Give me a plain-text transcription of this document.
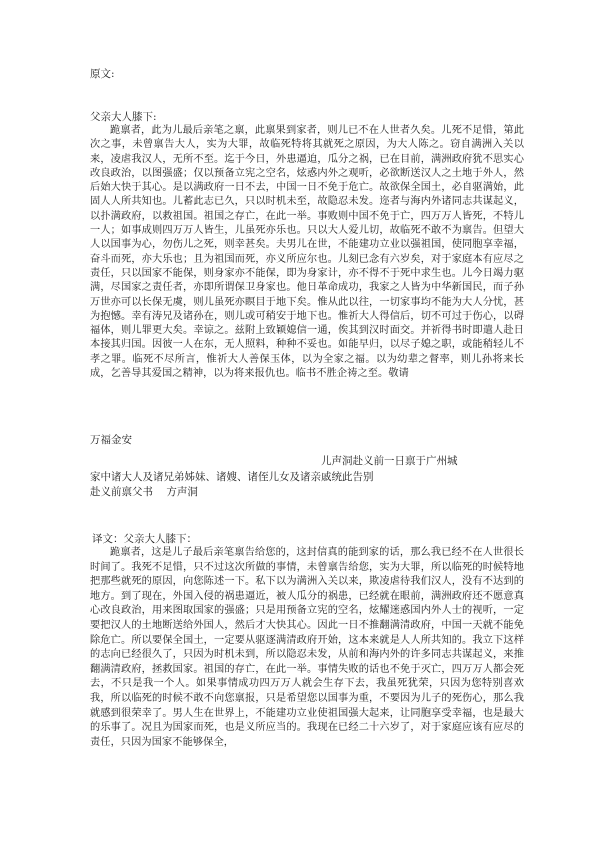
原文:
父亲大人膝下:
跪禀者，此为儿最后亲笔之禀，此禀果到家者，则儿已不在人世者久矣。儿死不足惜，第此次之事，未曾禀告大人，实为大罪，故临死特将其就死之原因，为大人陈之。窃自满洲入关以来，凌虐我汉人，无所不至。迄于今日，外患逼迫，瓜分之祸，已在目前，满洲政府犹不思实心改良政治，以图强盛；仅以预备立宪之空名，炫惑内外之观听，必欲断送汉人之土地于外人，然后始大快于其心。是以满政府一日不去，中国一日不免于危亡。故欲保全国土，必自驱满始，此固人人所共知也。儿蓄此志已久，只以时机未至，故隐忍未发。迩者与海内外诸同志共谋起义，以扑满政府，以救祖国。祖国之存亡，在此一举。事败则中国不免于亡，四万万人皆死，不特儿一人；如事成则四万万人皆生，儿虽死亦乐也。只以大人爱儿切，故临死不敢不为禀告。但望大人以国事为心，勿伤儿之死，则幸甚矣。夫男儿在世，不能建功立业以强祖国，使同胞享幸福，奋斗而死，亦大乐也；且为祖国而死，亦义所应尔也。儿刻已念有六岁矣，对于家庭本有应尽之责任，只以国家不能保，则身家亦不能保，即为身家计，亦不得不于死中求生也。儿今日竭力驱满，尽国家之责任者，亦即所谓保卫身家也。他日革命成功，我家之人皆为中华新国民，而子孙万世亦可以长保无虞，则儿虽死亦瞑目于地下矣。惟从此以往，一切家事均不能为大人分忧，甚为抱憾。幸有涛兄及诸孙在，则儿或可稍安于地下也。惟祈大人得信后，切不可过于伤心，以碍福体，则儿罪更大矣。幸谅之。兹附上致颖媳信一通，俟其到汉时面交。并祈得书时即遣人赴日本接其归国。因彼一人在东，无人照料，种种不妥也。如能早归，以尽子媳之职，或能稍轻儿不孝之罪。临死不尽所言，惟祈大人善保玉体，以为全家之福。以为幼辈之督率，则儿孙将来长成，乞善导其爱国之精神，以为将来报仇也。临书不胜企祷之至。敬请
万福金安
儿声洞赴义前一日禀于广州城
家中诸大人及诸兄弟姊妹、诸嫂、诸侄儿女及诸亲戚统此告别
赴义前禀父书    方声洞
译文：父亲大人膝下：
跪禀者，这是儿子最后亲笔禀告给您的，这封信真的能到家的话，那么我已经不在人世很长时间了。我死不足惜，只不过这次所做的事情，未曾禀告给您，实为大罪，所以临死的时候特地把那些就死的原因，向您陈述一下。私下以为满洲入关以来，欺凌虐待我们汉人，没有不达到的地方。到了现在，外国入侵的祸患逼近，被人瓜分的祸患，已经就在眼前，满洲政府还不愿意真心改良政治，用来图取国家的强盛；只是用预备立宪的空名，炫耀迷惑国内外人士的视听，一定要把汉人的土地断送给外国人，然后才大快其心。因此一日不推翻满清政府，中国一天就不能免除危亡。所以要保全国土，一定要从驱逐满清政府开始，这本来就是人人所共知的。我立下这样的志向已经很久了，只因为时机未到，所以隐忍未发，从前和海内外的许多同志共谋起义，来推翻满清政府，拯救国家。祖国的存亡，在此一举。事情失败的话也不免于灭亡，四万万人都会死去，不只是我一个人。如果事情成功四万万人就会生存下去，我虽死犹荣，只因为您特别喜欢我，所以临死的时候不敢不向您禀报，只是希望您以国事为重，不要因为儿子的死伤心，那么我就感到很荣幸了。男人生在世界上，不能建功立业使祖国强大起来，让同胞享受幸福，也是最大的乐事了。况且为国家而死，也是义所应当的。我现在已经二十六岁了，对于家庭应该有应尽的责任，只因为国家不能够保全，
